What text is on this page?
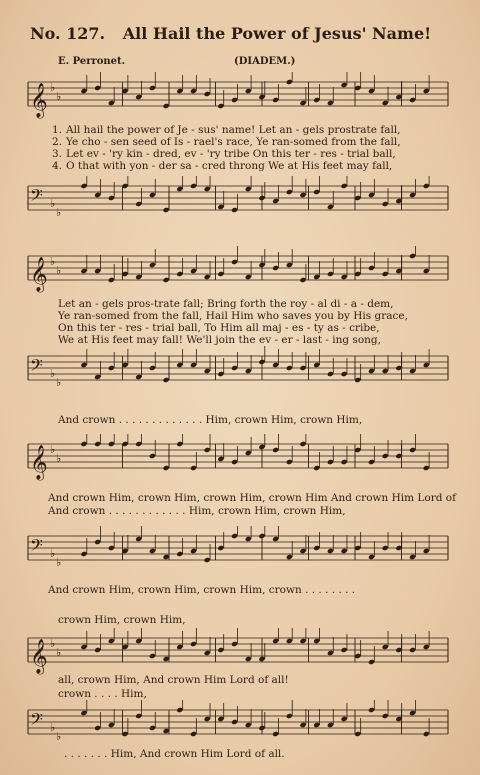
No. 127. All Hail the Power of Jesus' Name!
E. Perronet.	(DIADEM.)
𝄞 ♭
♭
1. All hail the power of Je - sus' name! Let an - gels prostrate fall,
2. Ye cho - sen seed of Is - rael's race, Ye ran-somed from the fall,
3. Let ev - 'ry kin - dred, ev - 'ry tribe On this ter - res - trial ball,
4. O that with yon - der sa - cred throng We at His feet may fall,
𝄢 ♭
♭
𝄞 ♭
♭
Let an - gels pros-trate fall; Bring forth the roy - al di - a - dem,
Ye ran-somed from the fall, Hail Him who saves you by His grace,
On this ter - res - trial ball, To Him all maj - es - ty as - cribe,
We at His feet may fall! We'll join the ev - er - last - ing song,
𝄢 ♭
♭
And crown . . . . . . . . . . . . . Him, crown Him, crown Him,
𝄞 ♭
♭
And crown Him, crown Him, crown Him, crown Him And crown Him Lord of
And crown . . . . . . . . . . . . Him, crown Him, crown Him,
𝄢 ♭
♭
And crown Him, crown Him, crown Him, crown . . . . . . . .
crown Him, crown Him,
𝄞 ♭
♭
all, crown Him, And crown Him Lord of all!
crown . . . . Him,
𝄢 ♭
♭
. . . . . . . Him, And crown Him Lord of all.
